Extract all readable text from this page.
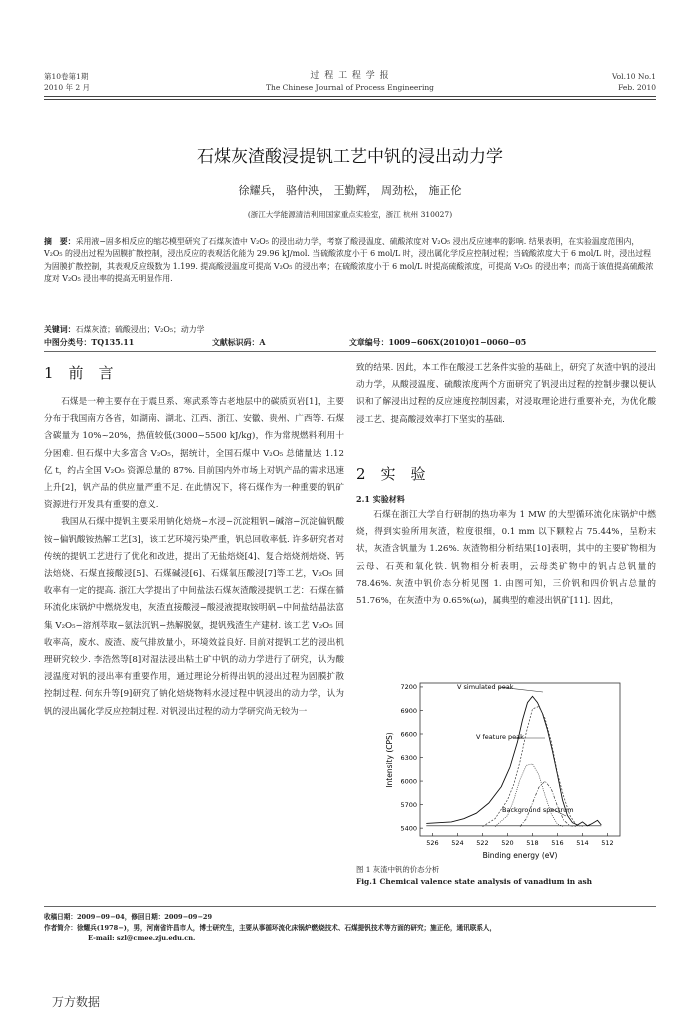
第10卷第1期
2010 年 2 月
过 程 工 程 学 报
The Chinese Journal of Process Engineering
Vol.10 No.1
Feb. 2010
石煤灰渣酸浸提钒工艺中钒的浸出动力学
徐耀兵， 骆仲泱， 王勤辉， 周劲松， 施正伦
(浙江大学能源清洁利用国家重点实验室，浙江 杭州 310027)
摘　要：采用液−固多相反应的缩芯模型研究了石煤灰渣中 V₂O₅ 的浸出动力学，考察了酸浸温度、硫酸浓度对 V₂O₅ 浸出反应速率的影响. 结果表明，在实验温度范围内，V₂O₅ 的浸出过程为固膜扩散控制，浸出反应的表观活化能为 29.96 kJ/mol. 当硫酸浓度小于 6 mol/L 时，浸出属化学反应控制过程；当硫酸浓度大于 6 mol/L 时，浸出过程为固膜扩散控制，其表观反应级数为 1.199. 提高酸浸温度可提高 V₂O₅ 的浸出率；在硫酸浓度小于 6 mol/L 时提高硫酸浓度，可提高 V₂O₅ 的浸出率；而高于该值提高硫酸浓度对 V₂O₅ 浸出率的提高无明显作用.
关键词：石煤灰渣；硫酸浸出；V₂O₅；动力学
中图分类号：TQ135.11	文献标识码：A	文章编号：1009−606X(2010)01−0060−05
1　前　言

石煤是一种主要存在于震旦系、寒武系等古老地层中的碳质页岩[1]，主要分布于我国南方各省，如湖南、湖北、江西、浙江、安徽、贵州、广西等. 石煤含碳量为 10%~20%，热值较低(3000~5500 kJ/kg)，作为常规燃料利用十分困难. 但石煤中大多富含 V₂O₅，据统计，全国石煤中 V₂O₅ 总储量达 1.12 亿 t，约占全国 V₂O₅ 资源总量的 87%. 目前国内外市场上对钒产品的需求迅速上升[2]，钒产品的供应量严重不足. 在此情况下，将石煤作为一种重要的钒矿资源进行开发具有重要的意义.

我国从石煤中提钒主要采用钠化焙烧−水浸−沉淀粗钒−碱溶−沉淀偏钒酸铵−偏钒酸铵热解工艺[3]，该工艺环境污染严重，钒总回收率低. 许多研究者对传统的提钒工艺进行了优化和改进，提出了无盐焙烧[4]、复合焙烧剂焙烧、钙法焙烧、石煤直接酸浸[5]、石煤碱浸[6]、石煤氧压酸浸[7]等工艺，V₂O₅ 回收率有一定的提高. 浙江大学提出了中间盐法石煤灰渣酸浸提钒工艺：石煤在循环流化床锅炉中燃烧发电，灰渣直接酸浸−酸浸液提取铵明矾−中间盐结晶法富集 V₂O₅−溶剂萃取−氨法沉钒−热解脱氨，提钒残渣生产建材. 该工艺 V₂O₅ 回收率高，废水、废渣、废气排放量小，环境效益良好. 目前对提钒工艺的浸出机理研究较少. 李浩然等[8]对湿法浸出粘土矿中钒的动力学进行了研究，认为酸浸温度对钒的浸出率有重要作用，通过理论分析得出钒的浸出过程为固膜扩散控制过程. 何东升等[9]研究了钠化焙烧物料水浸过程中钒浸出的动力学，认为钒的浸出属化学反应控制过程. 对钒浸出过程的动力学研究尚无较为一

致的结果. 因此，本工作在酸浸工艺条件实验的基础上，研究了灰渣中钒的浸出动力学，从酸浸温度、硫酸浓度两个方面研究了钒浸出过程的控制步骤以便认识和了解浸出过程的反应速度控制因素，对浸取理论进行重要补充，为优化酸浸工艺、提高酸浸效率打下坚实的基础.

2　实　验
2.1 实验材料

石煤在浙江大学自行研制的热功率为 1 MW 的大型循环流化床锅炉中燃烧，得到实验所用灰渣，粒度很细，0.1 mm 以下颗粒占 75.44%，呈粉末状，灰渣含钒量为 1.26%. 灰渣物相分析结果[10]表明，其中的主要矿物相为云母、石英和氧化铁. 钒物相分析表明，云母类矿物中的钒占总钒量的 78.46%. 灰渣中钒价态分析见图 1. 由图可知，三价钒和四价钒占总量的 51.76%，在灰渣中为 0.65%(ω)，属典型的难浸出钒矿[11]. 因此，

526 524 522 520 518 516 514 512
5400
5700
6000
6300
6600
6900
7200
Intensity (CPS)
Binding energy (eV)
V simulated peak
V feature peak
Background spectrum
图 1 灰渣中钒的价态分析
Fig.1 Chemical valence state analysis of vanadium in ash
收稿日期：2009−09−04，修回日期：2009−09−29
作者简介：徐耀兵(1978−)，男，河南省许昌市人，博士研究生，主要从事循环流化床锅炉燃烧技术、石煤提钒技术等方面的研究；施正伦，通讯联系人，
E-mail: szl@cmee.zju.edu.cn.
万方数据
